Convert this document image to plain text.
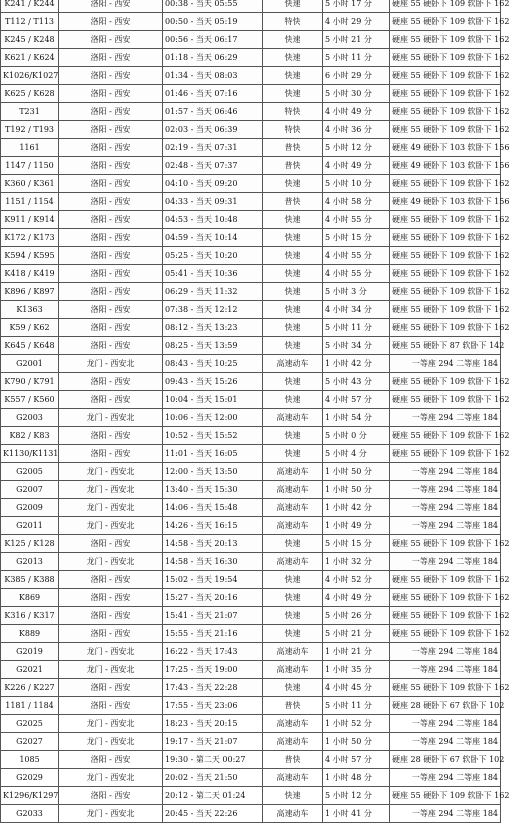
K241 / K244	洛阳 - 西安	00:38 - 当天 05:55	快速	5 小时 17 分	硬座 55 硬卧下 109 软卧下 162
T112 / T113	洛阳 - 西安	00:50 - 当天 05:19	特快	4 小时 29 分	硬座 55 硬卧下 109 软卧下 162
K245 / K248	洛阳 - 西安	00:56 - 当天 06:17	快速	5 小时 21 分	硬座 55 硬卧下 109 软卧下 162
K621 / K624	洛阳 - 西安	01:18 - 当天 06:29	快速	5 小时 11 分	硬座 55 硬卧下 109 软卧下 162
K1026/K1027	洛阳 - 西安	01:34 - 当天 08:03	快速	6 小时 29 分	硬座 55 硬卧下 109 软卧下 162
K625 / K628	洛阳 - 西安	01:46 - 当天 07:16	快速	5 小时 30 分	硬座 55 硬卧下 109 软卧下 162
T231	洛阳 - 西安	01:57 - 当天 06:46	特快	4 小时 49 分	硬座 55 硬卧下 109 软卧下 162
T192 / T193	洛阳 - 西安	02:03 - 当天 06:39	特快	4 小时 36 分	硬座 55 硬卧下 109 软卧下 162
1161	洛阳 - 西安	02:19 - 当天 07:31	普快	5 小时 12 分	硬座 49 硬卧下 103 软卧下 156
1147 / 1150	洛阳 - 西安	02:48 - 当天 07:37	普快	4 小时 49 分	硬座 49 硬卧下 103 软卧下 156
K360 / K361	洛阳 - 西安	04:10 - 当天 09:20	快速	5 小时 10 分	硬座 55 硬卧下 109 软卧下 162
1151 / 1154	洛阳 - 西安	04:33 - 当天 09:31	普快	4 小时 58 分	硬座 49 硬卧下 103 软卧下 156
K911 / K914	洛阳 - 西安	04:53 - 当天 10:48	快速	4 小时 55 分	硬座 55 硬卧下 109 软卧下 162
K172 / K173	洛阳 - 西安	04:59 - 当天 10:14	快速	5 小时 15 分	硬座 55 硬卧下 109 软卧下 162
K594 / K595	洛阳 - 西安	05:25 - 当天 10:20	快速	4 小时 55 分	硬座 55 硬卧下 109 软卧下 162
K418 / K419	洛阳 - 西安	05:41 - 当天 10:36	快速	4 小时 55 分	硬座 55 硬卧下 109 软卧下 162
K896 / K897	洛阳 - 西安	06:29 - 当天 11:32	快速	5 小时 3 分	硬座 55 硬卧下 109 软卧下 162
K1363	洛阳 - 西安	07:38 - 当天 12:12	快速	4 小时 34 分	硬座 55 硬卧下 109 软卧下 162
K59 / K62	洛阳 - 西安	08:12 - 当天 13:23	快速	5 小时 11 分	硬座 55 硬卧下 109 软卧下 162
K645 / K648	洛阳 - 西安	08:25 - 当天 13:59	快速	5 小时 34 分	硬座 55 硬卧下 87 软卧下 142
G2001	龙门 - 西安北	08:43 - 当天 10:25	高速动车	1 小时 42 分	一等座 294 二等座 184
K790 / K791	洛阳 - 西安	09:43 - 当天 15:26	快速	5 小时 43 分	硬座 55 硬卧下 109 软卧下 162
K557 / K560	洛阳 - 西安	10:04 - 当天 15:01	快速	4 小时 57 分	硬座 55 硬卧下 109 软卧下 162
G2003	龙门 - 西安北	10:06 - 当天 12:00	高速动车	1 小时 54 分	一等座 294 二等座 184
K82 / K83	洛阳 - 西安	10:52 - 当天 15:52	快速	5 小时 0 分	硬座 55 硬卧下 109 软卧下 162
K1130/K1131	洛阳 - 西安	11:01 - 当天 16:05	快速	5 小时 4 分	硬座 55 硬卧下 109 软卧下 162
G2005	龙门 - 西安北	12:00 - 当天 13:50	高速动车	1 小时 50 分	一等座 294 二等座 184
G2007	龙门 - 西安北	13:40 - 当天 15:30	高速动车	1 小时 50 分	一等座 294 二等座 184
G2009	龙门 - 西安北	14:06 - 当天 15:48	高速动车	1 小时 42 分	一等座 294 二等座 184
G2011	龙门 - 西安北	14:26 - 当天 16:15	高速动车	1 小时 49 分	一等座 294 二等座 184
K125 / K128	洛阳 - 西安	14:58 - 当天 20:13	快速	5 小时 15 分	硬座 55 硬卧下 109 软卧下 162
G2013	龙门 - 西安北	14:58 - 当天 16:30	高速动车	1 小时 32 分	一等座 294 二等座 184
K385 / K388	洛阳 - 西安	15:02 - 当天 19:54	快速	4 小时 52 分	硬座 55 硬卧下 109 软卧下 162
K869	洛阳 - 西安	15:27 - 当天 20:16	快速	4 小时 49 分	硬座 55 硬卧下 109 软卧下 162
K316 / K317	洛阳 - 西安	15:41 - 当天 21:07	快速	5 小时 26 分	硬座 55 硬卧下 109 软卧下 162
K889	洛阳 - 西安	15:55 - 当天 21:16	快速	5 小时 21 分	硬座 55 硬卧下 109 软卧下 162
G2019	龙门 - 西安北	16:22 - 当天 17:43	高速动车	1 小时 21 分	一等座 294 二等座 184
G2021	龙门 - 西安北	17:25 - 当天 19:00	高速动车	1 小时 35 分	一等座 294 二等座 184
K226 / K227	洛阳 - 西安	17:43 - 当天 22:28	快速	4 小时 45 分	硬座 55 硬卧下 109 软卧下 162
1181 / 1184	洛阳 - 西安	17:55 - 当天 23:06	普快	5 小时 11 分	硬座 28 硬卧下 67 软卧下 102
G2025	龙门 - 西安北	18:23 - 当天 20:15	高速动车	1 小时 52 分	一等座 294 二等座 184
G2027	龙门 - 西安北	19:17 - 当天 21:07	高速动车	1 小时 50 分	一等座 294 二等座 184
1085	洛阳 - 西安	19:30 - 第二天 00:27	普快	4 小时 57 分	硬座 28 硬卧下 67 软卧下 102
G2029	龙门 - 西安北	20:02 - 当天 21:50	高速动车	1 小时 48 分	一等座 294 二等座 184
K1296/K1297	洛阳 - 西安	20:12 - 第二天 01:24	快速	5 小时 12 分	硬座 55 硬卧下 109 软卧下 162
G2033	龙门 - 西安北	20:45 - 当天 22:26	高速动车	1 小时 41 分	一等座 294 二等座 184
